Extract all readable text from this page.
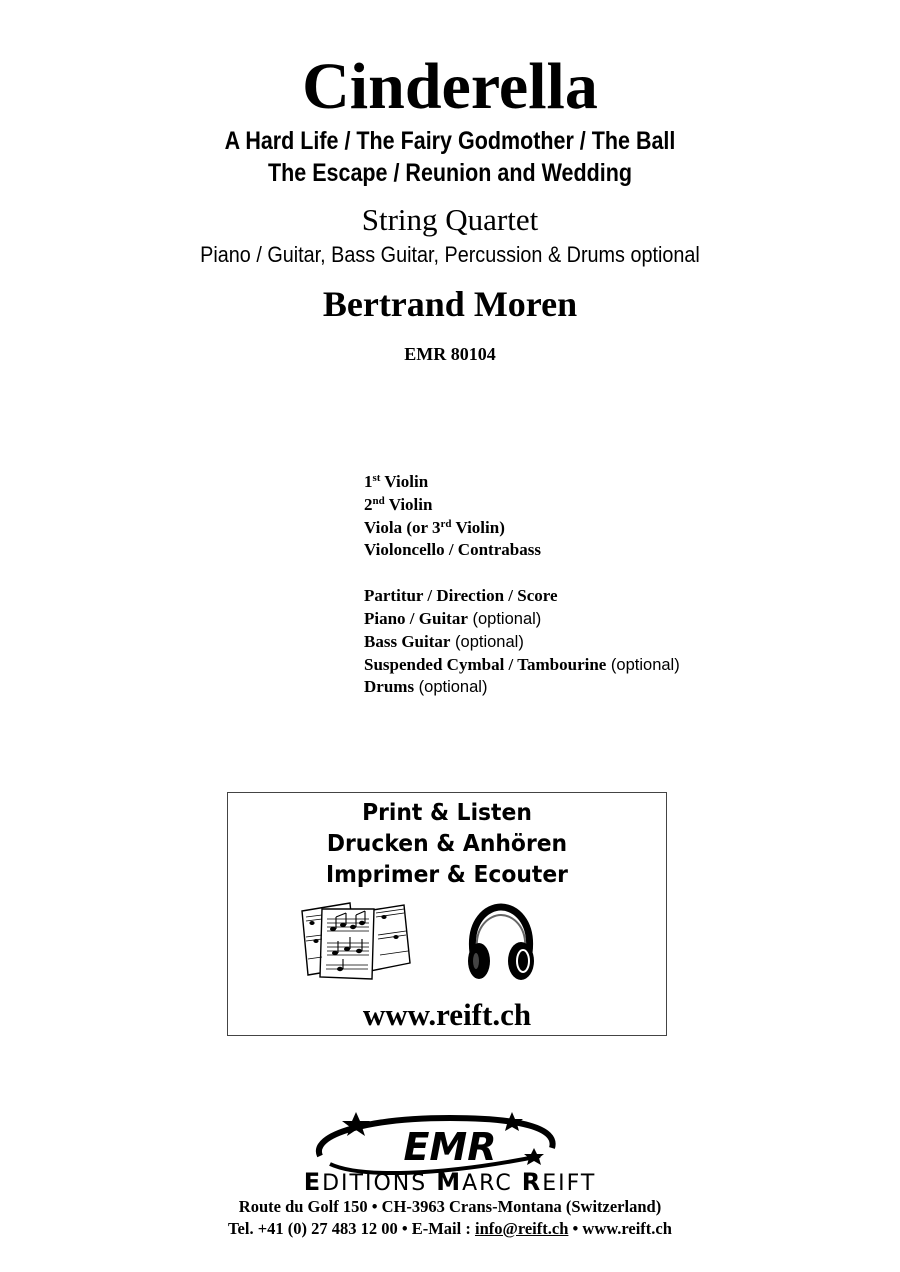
Cinderella
A Hard Life / The Fairy Godmother / The Ball
The Escape / Reunion and Wedding
String Quartet
Piano / Guitar, Bass Guitar, Percussion & Drums optional
Bertrand Moren
EMR 80104
1st Violin
2nd Violin
Viola (or 3rd Violin)
Violoncello / Contrabass
Partitur / Direction / Score
Piano / Guitar (optional)
Bass Guitar (optional)
Suspended Cymbal / Tambourine (optional)
Drums (optional)
Print & Listen
Drucken & Anhören
Imprimer & Ecouter
www.reift.ch
EMR
EDITIONS MARC REIFT
Route du Golf 150 • CH-3963 Crans-Montana (Switzerland)
Tel. +41 (0) 27 483 12 00 • E-Mail : info@reift.ch • www.reift.ch
